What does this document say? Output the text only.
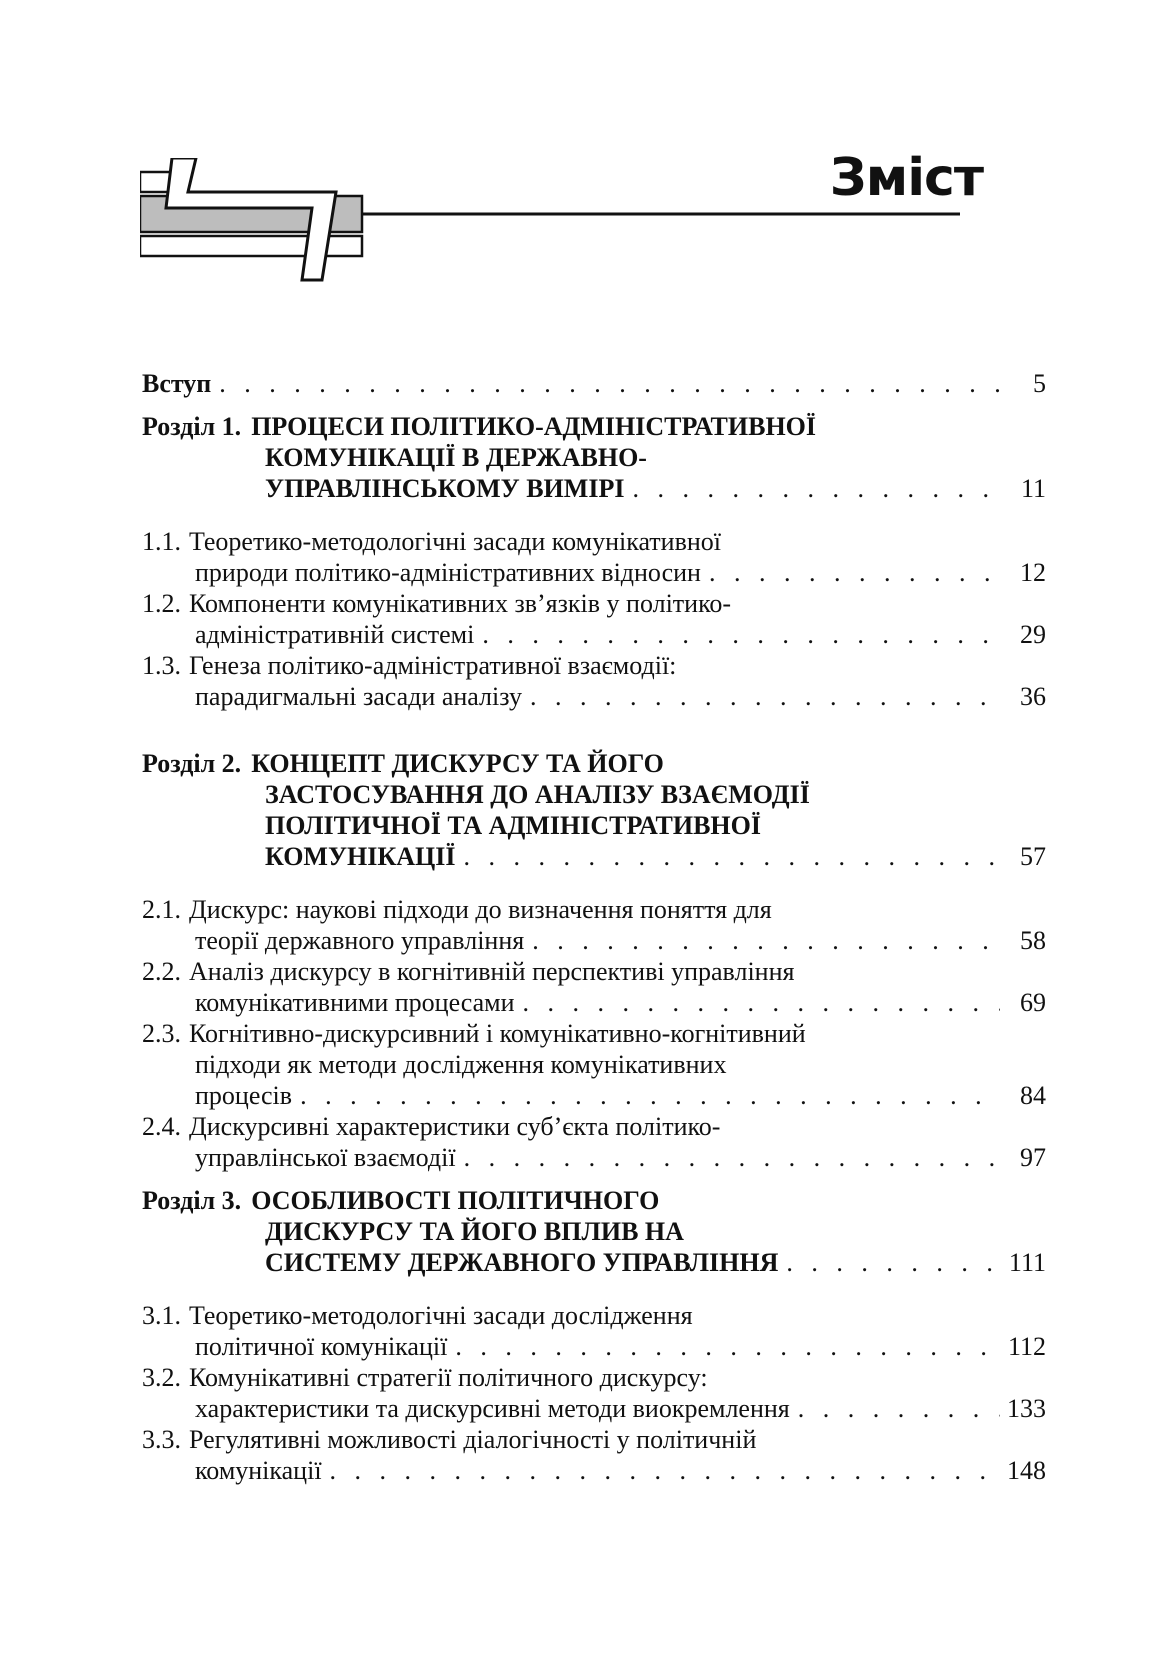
Зміст
Вступ . . .	5
Розділ 1. ПРОЦЕСИ ПОЛІТИКО-АДМІНІСТРАТИВНОЇ
КОМУНІКАЦІЇ В ДЕРЖАВНО-
УПРАВЛІНСЬКОМУ ВИМІРІ . . .	11
1.1. Теоретико-методологічні засади комунікативної
природи політико-адміністративних відносин . . .	12
1.2. Компоненти комунікативних зв’язків у політико-
адміністративній системі . . .	29
1.3. Генеза політико-адміністративної взаємодії:
парадигмальні засади аналізу . . .	36
Розділ 2. КОНЦЕПТ ДИСКУРСУ ТА ЙОГО
ЗАСТОСУВАННЯ ДО АНАЛІЗУ ВЗАЄМОДІЇ
ПОЛІТИЧНОЇ ТА АДМІНІСТРАТИВНОЇ
КОМУНІКАЦІЇ . . .	57
2.1. Дискурс: наукові підходи до визначення поняття для
теорії державного управління . . .	58
2.2. Аналіз дискурсу в когнітивній перспективі управління
комунікативними процесами . . .	69
2.3. Когнітивно-дискурсивний і комунікативно-когнітивний
підходи як методи дослідження комунікативних
процесів . . .	84
2.4. Дискурсивні характеристики суб’єкта політико-
управлінської взаємодії . . .	97
Розділ 3. ОСОБЛИВОСТІ ПОЛІТИЧНОГО
ДИСКУРСУ ТА ЙОГО ВПЛИВ НА
СИСТЕМУ ДЕРЖАВНОГО УПРАВЛІННЯ . . .	111
3.1. Теоретико-методологічні засади дослідження
політичної комунікації . . .	112
3.2. Комунікативні стратегії політичного дискурсу:
характеристики та дискурсивні методи виокремлення . . .	133
3.3. Регулятивні можливості діалогічності у політичній
комунікації . . .	148
